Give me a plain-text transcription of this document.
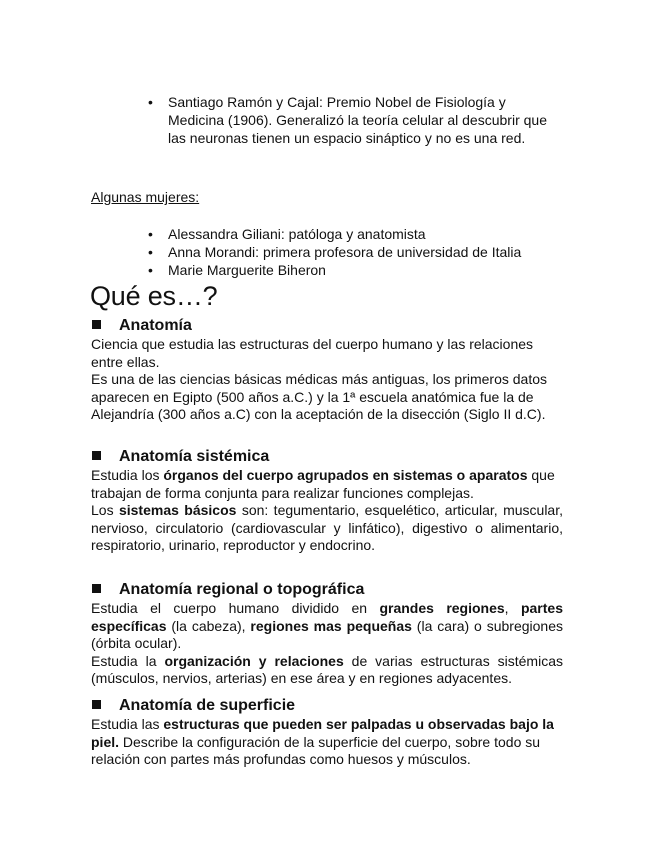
• Santiago Ramón y Cajal: Premio Nobel de Fisiología y Medicina (1906). Generalizó la teoría celular al descubrir que las neuronas tienen un espacio sináptico y no es una red.
Algunas mujeres:
• Alessandra Giliani: patóloga y anatomista
• Anna Morandi: primera profesora de universidad de Italia
• Marie Marguerite Biheron
Qué es…?
Anatomía

Ciencia que estudia las estructuras del cuerpo humano y las relaciones entre ellas.

Es una de las ciencias básicas médicas más antiguas, los primeros datos aparecen en Egipto (500 años a.C.) y la 1ª escuela anatómica fue la de Alejandría (300 años a.C) con la aceptación de la disección (Siglo II d.C).

Anatomía sistémica

Estudia los órganos del cuerpo agrupados en sistemas o aparatos que trabajan de forma conjunta para realizar funciones complejas.

Los sistemas básicos son: tegumentario, esquelético, articular, muscular, nervioso, circulatorio (cardiovascular y linfático), digestivo o alimentario, respiratorio, urinario, reproductor y endocrino.

Anatomía regional o topográfica

Estudia el cuerpo humano dividido en grandes regiones, partes específicas (la cabeza), regiones mas pequeñas (la cara) o subregiones (órbita ocular).

Estudia la organización y relaciones de varias estructuras sistémicas (músculos, nervios, arterias) en ese área y en regiones adyacentes.

Anatomía de superficie

Estudia las estructuras que pueden ser palpadas u observadas bajo la piel. Describe la configuración de la superficie del cuerpo, sobre todo su relación con partes más profundas como huesos y músculos.
